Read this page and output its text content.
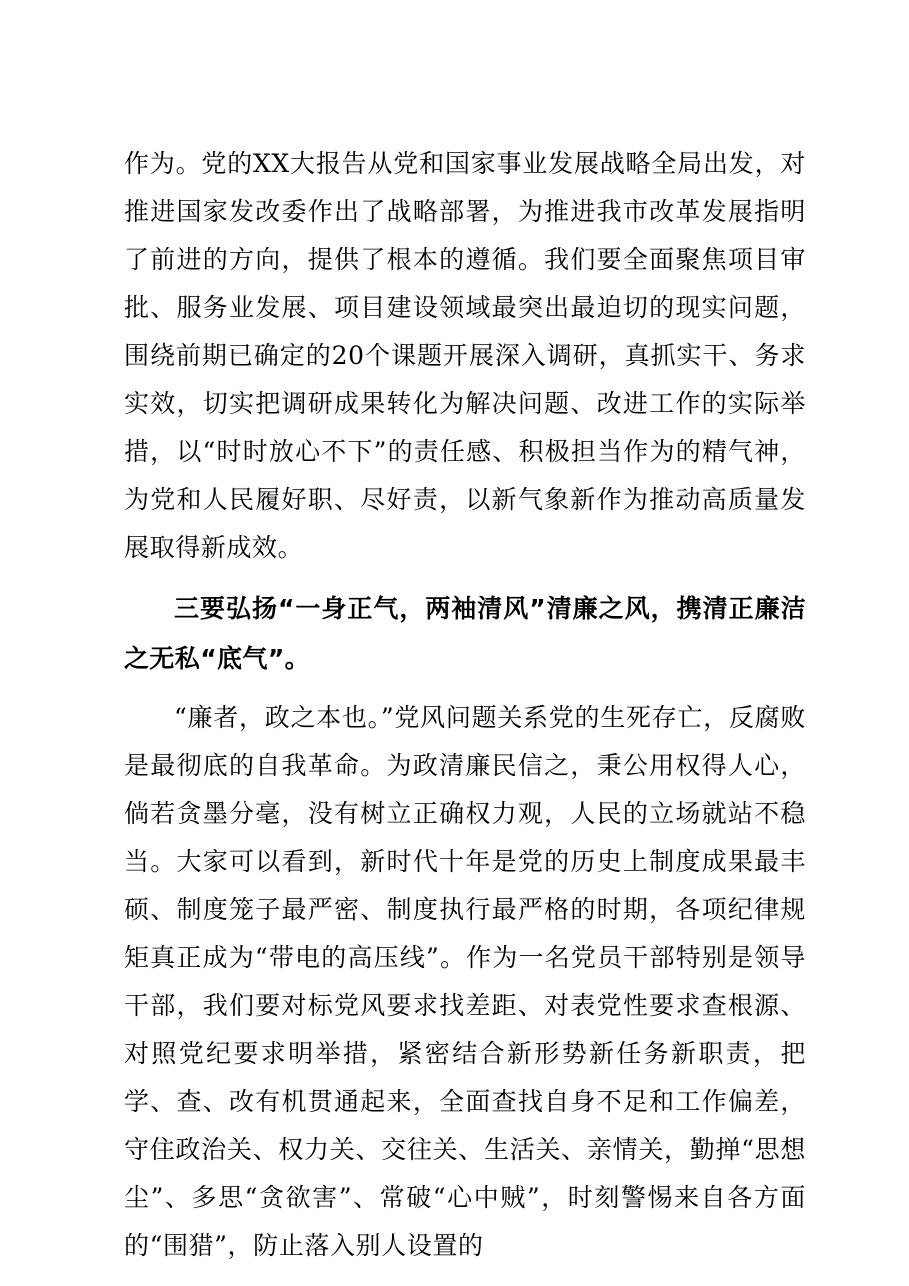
作为。党的XX大报告从党和国家事业发展战略全局出发，对推进国家发改委作出了战略部署，为推进我市改革发展指明了前进的方向，提供了根本的遵循。我们要全面聚焦项目审批、服务业发展、项目建设领域最突出最迫切的现实问题，围绕前期已确定的20个课题开展深入调研，真抓实干、务求实效，切实把调研成果转化为解决问题、改进工作的实际举措，以“时时放心不下”的责任感、积极担当作为的精气神，为党和人民履好职、尽好责，以新气象新作为推动高质量发展取得新成效。

三要弘扬“一身正气，两袖清风”清廉之风，携清正廉洁之无私“底气”。

“廉者，政之本也。”党风问题关系党的生死存亡，反腐败是最彻底的自我革命。为政清廉民信之，秉公用权得人心，倘若贪墨分毫，没有树立正确权力观，人民的立场就站不稳当。大家可以看到，新时代十年是党的历史上制度成果最丰硕、制度笼子最严密、制度执行最严格的时期，各项纪律规矩真正成为“带电的高压线”。作为一名党员干部特别是领导干部，我们要对标党风要求找差距、对表党性要求查根源、对照党纪要求明举措，紧密结合新形势新任务新职责，把学、查、改有机贯通起来，全面查找自身不足和工作偏差，守住政治关、权力关、交往关、生活关、亲情关，勤掸“思想尘”、多思“贪欲害”、常破“心中贼”，时刻警惕来自各方面的“围猎”，防止落入别人设置的
